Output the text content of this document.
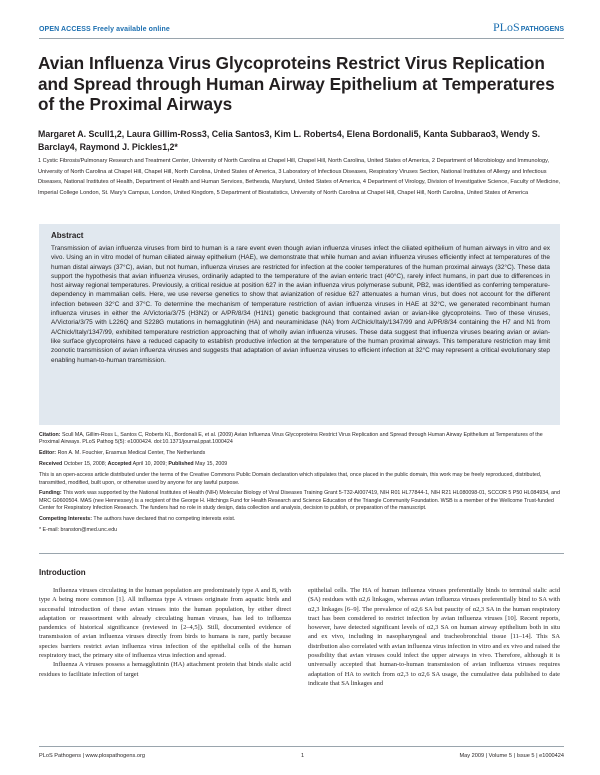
OPEN ACCESS Freely available online	PLoSPATHOGENS
Avian Influenza Virus Glycoproteins Restrict Virus Replication and Spread through Human Airway Epithelium at Temperatures of the Proximal Airways
Margaret A. Scull1,2, Laura Gillim-Ross3, Celia Santos3, Kim L. Roberts4, Elena Bordonali5, Kanta Subbarao3, Wendy S. Barclay4, Raymond J. Pickles1,2*
1 Cystic Fibrosis/Pulmonary Research and Treatment Center, University of North Carolina at Chapel Hill, Chapel Hill, North Carolina, United States of America, 2 Department of Microbiology and Immunology, University of North Carolina at Chapel Hill, Chapel Hill, North Carolina, United States of America, 3 Laboratory of Infectious Diseases, Respiratory Viruses Section, National Institutes of Allergy and Infectious Diseases, National Institutes of Health, Department of Health and Human Services, Bethesda, Maryland, United States of America, 4 Department of Virology, Division of Investigative Science, Faculty of Medicine, Imperial College London, St. Mary's Campus, London, United Kingdom, 5 Department of Biostatistics, University of North Carolina at Chapel Hill, Chapel Hill, North Carolina, United States of America
Abstract

Transmission of avian influenza viruses from bird to human is a rare event even though avian influenza viruses infect the ciliated epithelium of human airways in vitro and ex vivo. Using an in vitro model of human ciliated airway epithelium (HAE), we demonstrate that while human and avian influenza viruses efficiently infect at temperatures of the human distal airways (37°C), avian, but not human, influenza viruses are restricted for infection at the cooler temperatures of the human proximal airways (32°C). These data support the hypothesis that avian influenza viruses, ordinarily adapted to the temperature of the avian enteric tract (40°C), rarely infect humans, in part due to differences in host airway regional temperatures. Previously, a critical residue at position 627 in the avian influenza virus polymerase subunit, PB2, was identified as conferring temperature-dependency in mammalian cells. Here, we use reverse genetics to show that avianization of residue 627 attenuates a human virus, but does not account for the different infection between 32°C and 37°C. To determine the mechanism of temperature restriction of avian influenza viruses in HAE at 32°C, we generated recombinant human influenza viruses in either the A/Victoria/3/75 (H3N2) or A/PR/8/34 (H1N1) genetic background that contained avian or avian-like glycoproteins. Two of these viruses, A/Victoria/3/75 with L226Q and S228G mutations in hemagglutinin (HA) and neuraminidase (NA) from A/Chick/Italy/1347/99 and A/PR/8/34 containing the H7 and N1 from A/Chick/Italy/1347/99, exhibited temperature restriction approaching that of wholly avian influenza viruses. These data suggest that influenza viruses bearing avian or avian-like surface glycoproteins have a reduced capacity to establish productive infection at the temperature of the human proximal airways. This temperature restriction may limit zoonotic transmission of avian influenza viruses and suggests that adaptation of avian influenza viruses to efficient infection at 32°C may represent a critical evolutionary step enabling human-to-human transmission.

Citation: Scull MA, Gillim-Ross L, Santos C, Roberts KL, Bordonali E, et al. (2009) Avian Influenza Virus Glycoproteins Restrict Virus Replication and Spread through Human Airway Epithelium at Temperatures of the Proximal Airways. PLoS Pathog 5(5): e1000424. doi:10.1371/journal.ppat.1000424

Editor: Ron A. M. Fouchier, Erasmus Medical Center, The Netherlands

Received October 15, 2008; Accepted April 10, 2009; Published May 15, 2009

This is an open-access article distributed under the terms of the Creative Commons Public Domain declaration which stipulates that, once placed in the public domain, this work may be freely reproduced, distributed, transmitted, modified, built upon, or otherwise used by anyone for any lawful purpose.

Funding: This work was supported by the National Institutes of Health (NIH) Molecular Biology of Viral Diseases Training Grant 5-T32-AI007419, NIH R01 HL77844-1, NIH R21 HL080098-01, SCCOR 5 P50 HL084934, and MRC G0600504. MAS (nee Hennessey) is a recipient of the George H. Hitchings Fund for Health Research and Science Education of the Triangle Community Foundation. WSB is a member of the Wellcome Trust-funded Center for Respiratory Infection Research. The funders had no role in study design, data collection and analysis, decision to publish, or preparation of the manuscript.

Competing Interests: The authors have declared that no competing interests exist.

* E-mail: branston@med.unc.edu

Introduction

Influenza viruses circulating in the human population are predominately type A and B, with type A being more common [1]. All influenza type A viruses originate from aquatic birds and successful introduction of these avian viruses into the human population, by either direct adaptation or reassortment with already circulating human viruses, has led to influenza pandemics of historical significance (reviewed in [2–4,5]). Still, documented evidence of transmission of avian influenza viruses directly from birds to humans is rare, partly because species barriers restrict avian influenza virus infection of the epithelial cells of the human respiratory tract, the primary site of influenza virus infection and spread.

Influenza A viruses possess a hemagglutinin (HA) attachment protein that binds sialic acid residues to facilitate infection of target

epithelial cells. The HA of human influenza viruses preferentially binds to terminal sialic acid (SA) residues with α2,6 linkages, whereas avian influenza viruses preferentially bind to SA with α2,3 linkages [6–9]. The prevalence of α2,6 SA but paucity of α2,3 SA in the human respiratory tract has been considered to restrict infection by avian influenza viruses [10]. Recent reports, however, have detected significant levels of α2,3 SA on human airway epithelium both in situ and ex vivo, including in nasopharyngeal and tracheobronchial tissue [11–14]. This SA distribution also correlated with avian influenza virus infection in vitro and ex vivo and raised the possibility that avian viruses could infect the upper airways in vivo. Therefore, although it is universally accepted that human-to-human transmission of avian influenza viruses requires adaptation of HA to switch from α2,3 to α2,6 SA usage, the cumulative data published to date indicate that SA linkages and

PLoS Pathogens | www.plospathogens.org	1	May 2009 | Volume 5 | Issue 5 | e1000424
